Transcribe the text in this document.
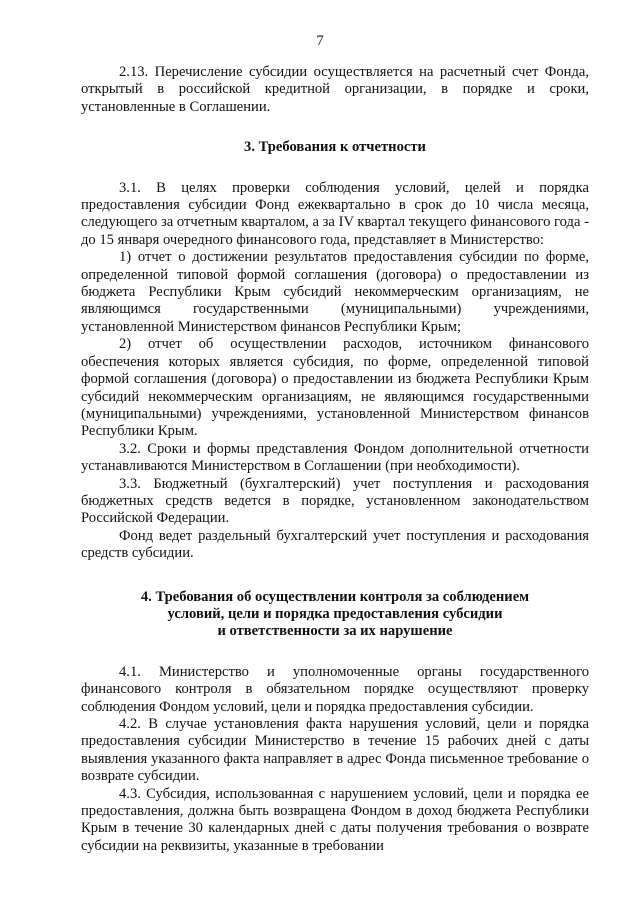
7

2.13. Перечисление субсидии осуществляется на расчетный счет Фонда, открытый в российской кредитной организации, в порядке и сроки, установленные в Соглашении.

3. Требования к отчетности

3.1. В целях проверки соблюдения условий, целей и порядка предоставления субсидии Фонд ежеквартально в срок до 10 числа месяца, следующего за отчетным кварталом, а за IV квартал текущего финансового года - до 15 января очередного финансового года, представляет в Министерство:

1) отчет о достижении результатов предоставления субсидии по форме, определенной типовой формой соглашения (договора) о предоставлении из бюджета Республики Крым субсидий некоммерческим организациям, не являющимся государственными (муниципальными) учреждениями, установленной Министерством финансов Республики Крым;

2) отчет об осуществлении расходов, источником финансового обеспечения которых является субсидия, по форме, определенной типовой формой соглашения (договора) о предоставлении из бюджета Республики Крым субсидий некоммерческим организациям, не являющимся государственными (муниципальными) учреждениями, установленной Министерством финансов Республики Крым.

3.2. Сроки и формы представления Фондом дополнительной отчетности устанавливаются Министерством в Соглашении (при необходимости).

3.3. Бюджетный (бухгалтерский) учет поступления и расходования бюджетных средств ведется в порядке, установленном законодательством Российской Федерации.

Фонд ведет раздельный бухгалтерский учет поступления и расходования средств субсидии.

4. Требования об осуществлении контроля за соблюдением
условий, цели и порядка предоставления субсидии
и ответственности за их нарушение

4.1. Министерство и уполномоченные органы государственного финансового контроля в обязательном порядке осуществляют проверку соблюдения Фондом условий, цели и порядка предоставления субсидии.

4.2. В случае установления факта нарушения условий, цели и порядка предоставления субсидии Министерство в течение 15 рабочих дней с даты выявления указанного факта направляет в адрес Фонда письменное требование о возврате субсидии.

4.3. Субсидия, использованная с нарушением условий, цели и порядка ее предоставления, должна быть возвращена Фондом в доход бюджета Республики Крым в течение 30 календарных дней с даты получения требования о возврате субсидии на реквизиты, указанные в требовании
